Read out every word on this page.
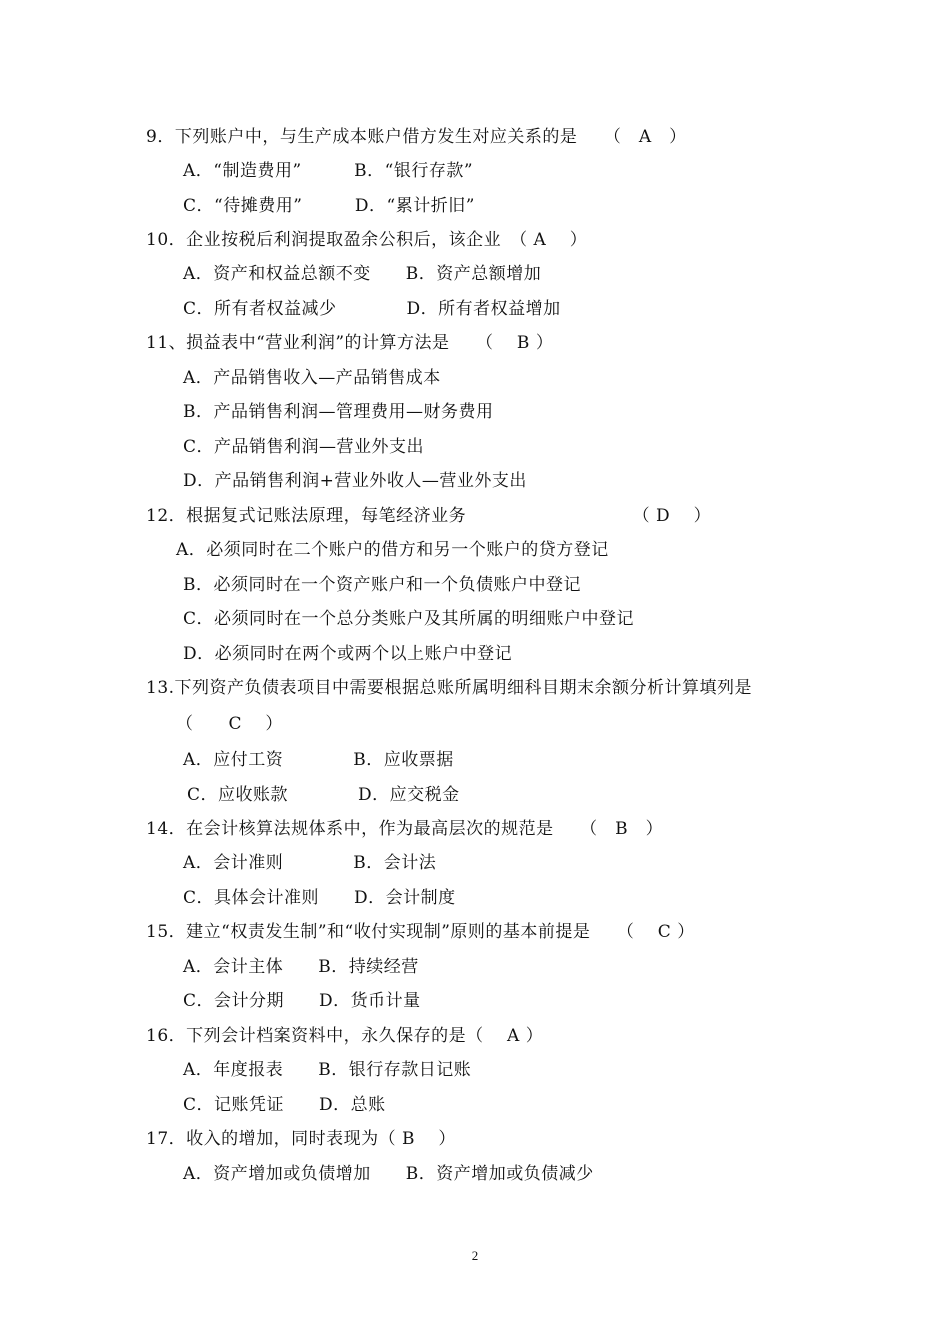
9．下列账户中，与生产成本账户借方发生对应关系的是　　（　A　）
A．“制造费用”　　　B．“银行存款”
C．“待摊费用”　　　D．“累计折旧”
10．企业按税后利润提取盈余公积后，该企业　（ A　 ）
A．资产和权益总额不变　　B．资产总额增加
C．所有者权益减少　　　　D．所有者权益增加
11、损益表中“营业利润”的计算方法是　　（　 B ）
A．产品销售收入—产品销售成本
B．产品销售利润—管理费用—财务费用
C．产品销售利润—营业外支出
D．产品销售利润+营业外收人—营业外支出
12．根据复式记账法原理，每笔经济业务　　　　　　　　　　（ D　 ）
A．必须同时在二个账户的借方和另一个账户的贷方登记
B．必须同时在一个资产账户和一个负债账户中登记
C．必须同时在一个总分类账户及其所属的明细账户中登记
D．必须同时在两个或两个以上账户中登记
13.下列资产负债表项目中需要根据总账所属明细科目期末余额分析计算填列是
（　　C　 ）
A．应付工资　　　　B．应收票据
C．应收账款　　　　D．应交税金
14．在会计核算法规体系中，作为最高层次的规范是　　（　B　）
A．会计准则　　　　B．会计法
C．具体会计准则　　D．会计制度
15．建立“权责发生制”和“收付实现制”原则的基本前提是　　（　 C ）
A．会计主体　　B．持续经营
C．会计分期　　D．货币计量
16．下列会计档案资料中，永久保存的是（　 A ）
A．年度报表　　B．银行存款日记账
C．记账凭证　　D．总账
17．收入的增加，同时表现为（ B　 ）
A．资产增加或负债增加　　B．资产增加或负债减少
2
